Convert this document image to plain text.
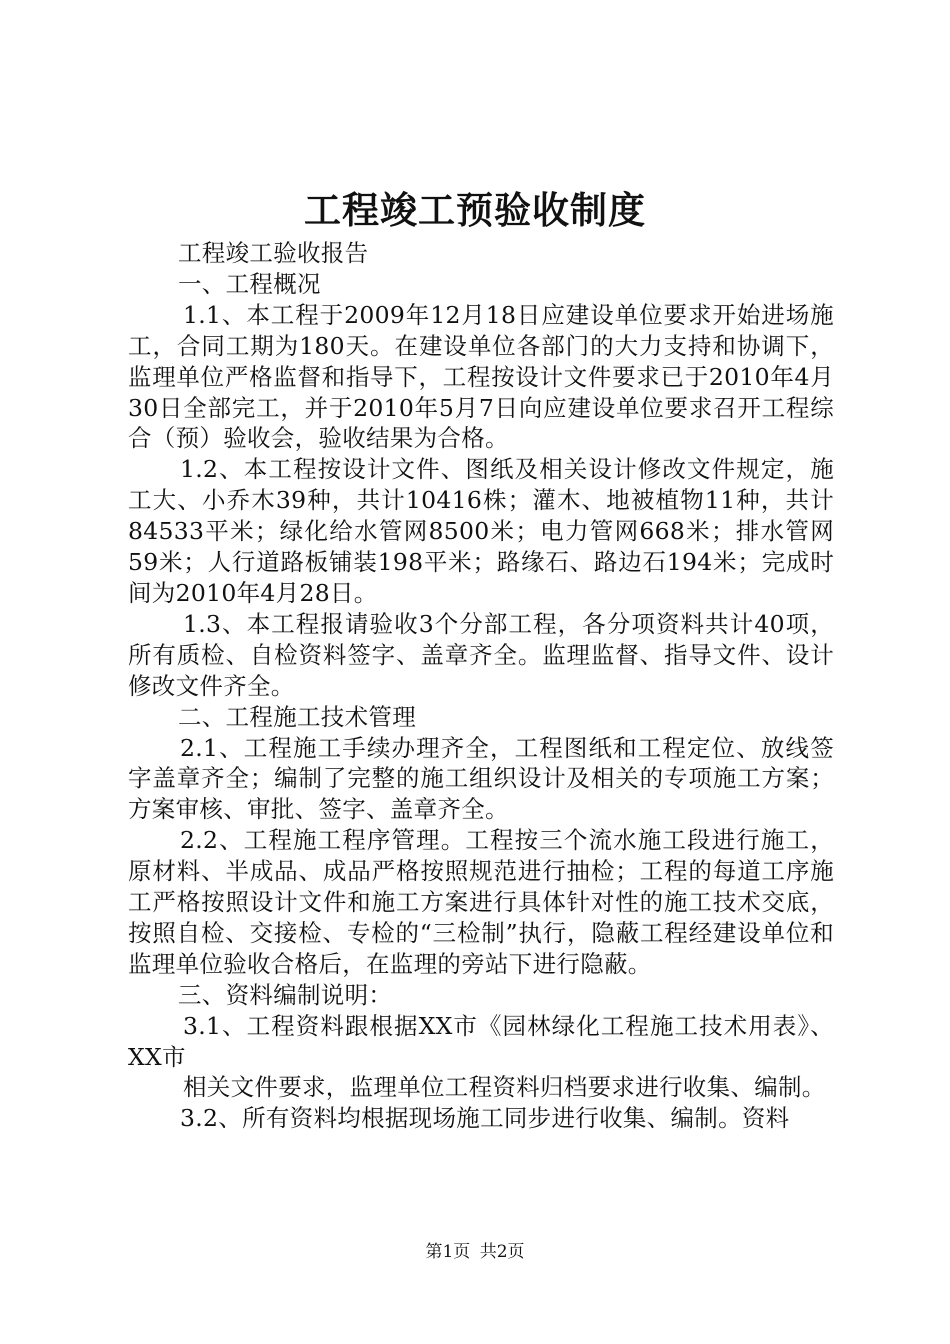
工程竣工预验收制度

工程竣工验收报告

一、工程概况

1.1、本工程于2009年12月18日应建设单位要求开始进场施工，合同工期为180天。在建设单位各部门的大力支持和协调下，监理单位严格监督和指导下，工程按设计文件要求已于2010年4月30日全部完工，并于2010年5月7日向应建设单位要求召开工程综合（预）验收会，验收结果为合格。

1.2、本工程按设计文件、图纸及相关设计修改文件规定，施工大、小乔木39种，共计10416株；灌木、地被植物11种，共计84533平米；绿化给水管网8500米；电力管网668米；排水管网59米；人行道路板铺装198平米；路缘石、路边石194米；完成时间为2010年4月28日。

1.3、本工程报请验收3个分部工程，各分项资料共计40项，所有质检、自检资料签字、盖章齐全。监理监督、指导文件、设计修改文件齐全。

二、工程施工技术管理

2.1、工程施工手续办理齐全，工程图纸和工程定位、放线签字盖章齐全；编制了完整的施工组织设计及相关的专项施工方案；方案审核、审批、签字、盖章齐全。

2.2、工程施工程序管理。工程按三个流水施工段进行施工，原材料、半成品、成品严格按照规范进行抽检；工程的每道工序施工严格按照设计文件和施工方案进行具体针对性的施工技术交底，按照自检、交接检、专检的“三检制”执行，隐蔽工程经建设单位和监理单位验收合格后，在监理的旁站下进行隐蔽。

三、资料编制说明：

3.1、工程资料跟根据XX市《园林绿化工程施工技术用表》、XX市

相关文件要求，监理单位工程资料归档要求进行收集、编制。

3.2、所有资料均根据现场施工同步进行收集、编制。资料

第1页 共2页
